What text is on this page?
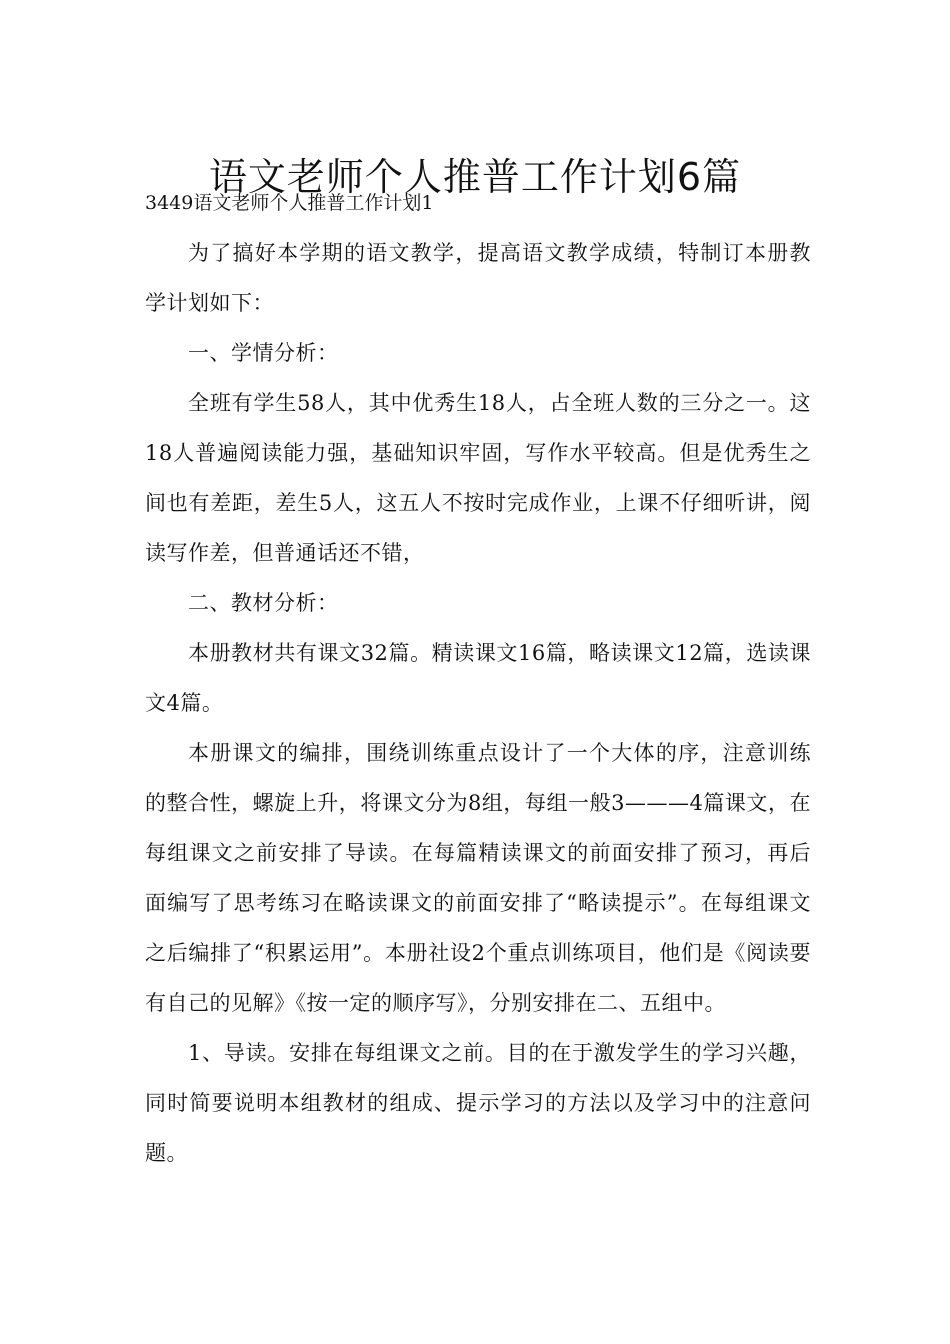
语文老师个人推普工作计划6篇
3449语文老师个人推普工作计划1

为了搞好本学期的语文教学，提高语文教学成绩，特制订本册教学计划如下：

一、学情分析：

全班有学生58人，其中优秀生18人，占全班人数的三分之一。这18人普遍阅读能力强，基础知识牢固，写作水平较高。但是优秀生之间也有差距，差生5人，这五人不按时完成作业，上课不仔细听讲，阅读写作差，但普通话还不错，

二、教材分析：

本册教材共有课文32篇。精读课文16篇，略读课文12篇，选读课文4篇。

本册课文的编排，围绕训练重点设计了一个大体的序，注意训练的整合性，螺旋上升，将课文分为8组，每组一般3———4篇课文，在每组课文之前安排了导读。在每篇精读课文的前面安排了预习，再后面编写了思考练习在略读课文的前面安排了“略读提示”。在每组课文之后编排了“积累运用”。本册社设2个重点训练项目，他们是《阅读要有自己的见解》《按一定的顺序写》，分别安排在二、五组中。

1、导读。安排在每组课文之前。目的在于激发学生的学习兴趣，同时简要说明本组教材的组成、提示学习的方法以及学习中的注意问题。
